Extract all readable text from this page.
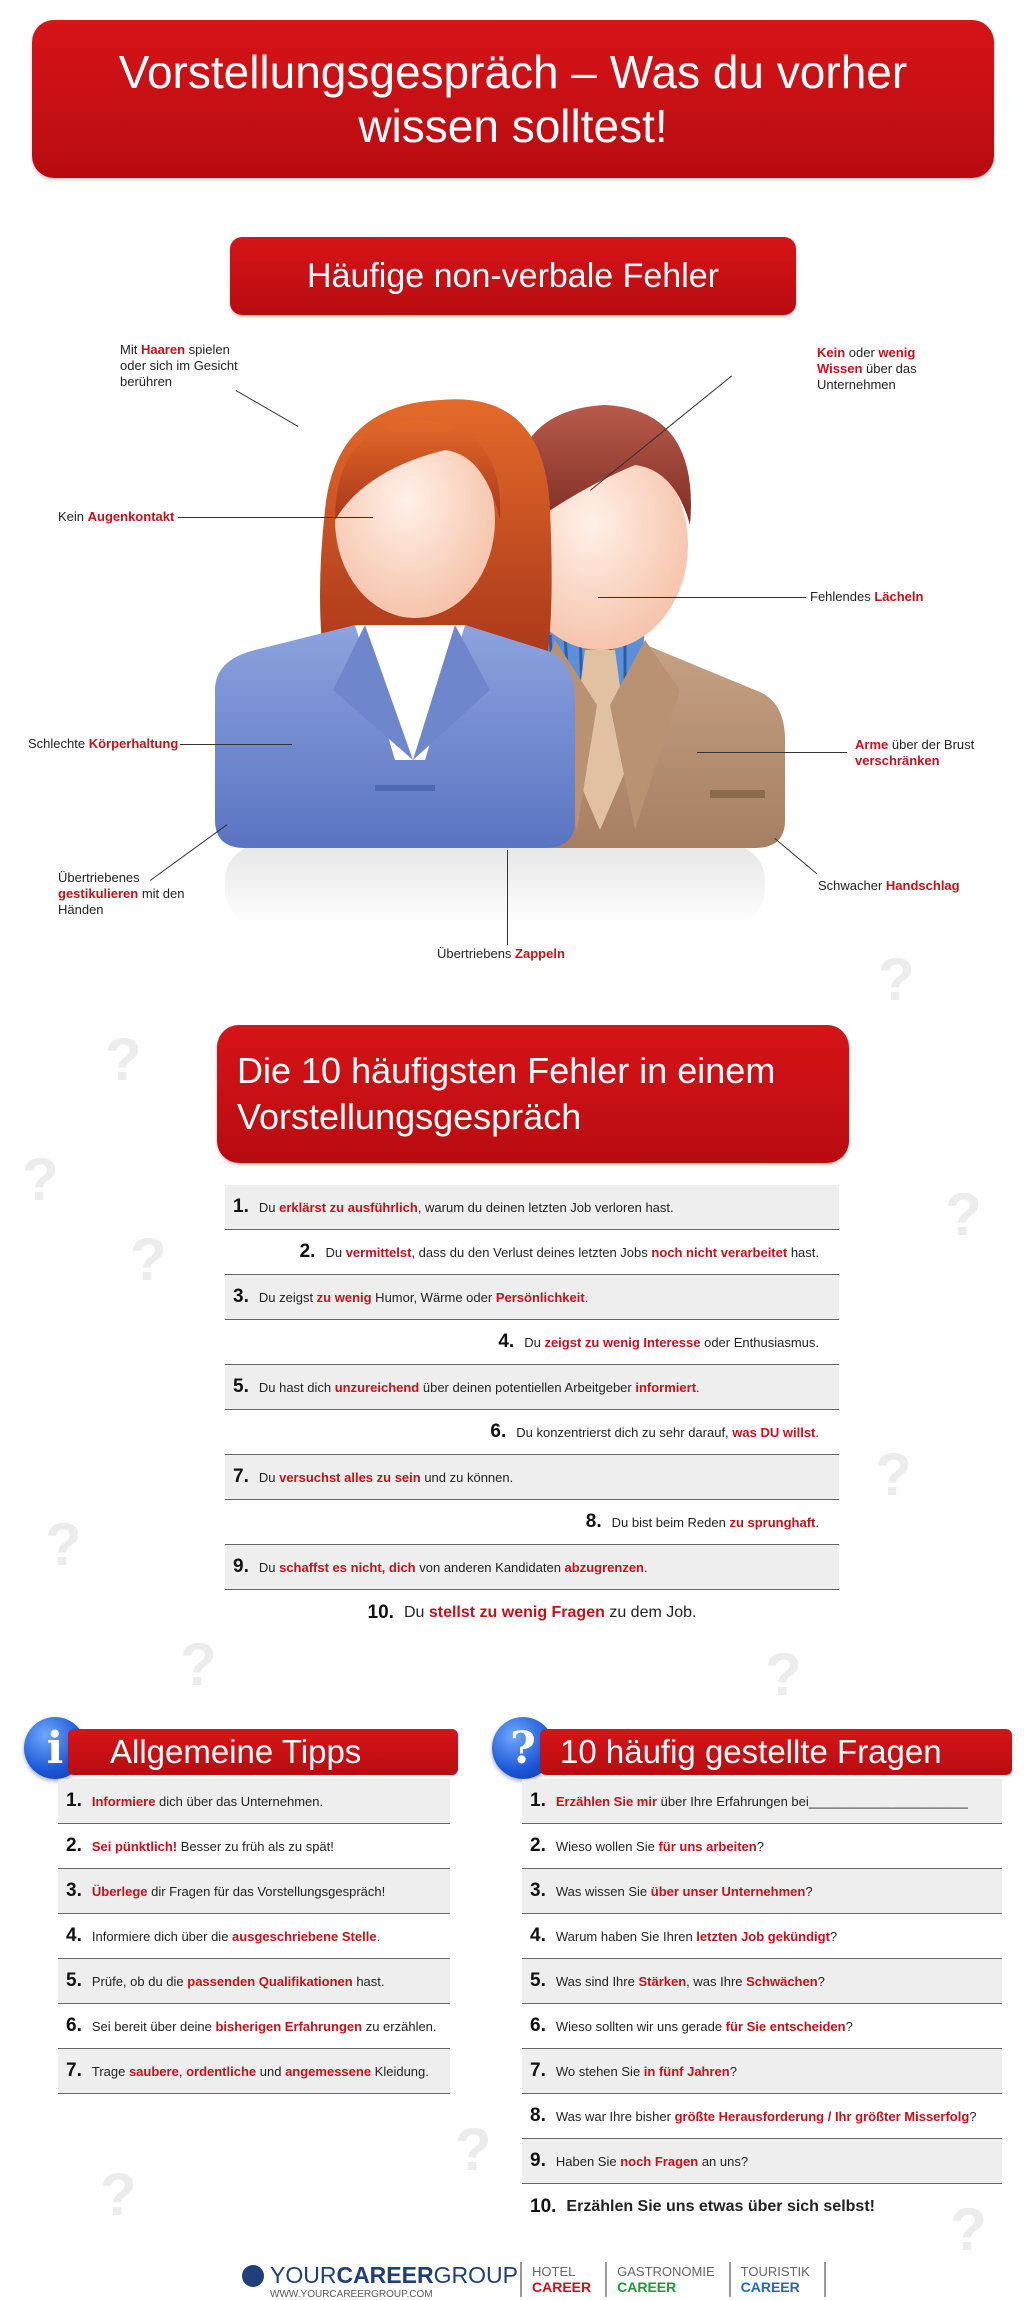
?
?
?
?
?
?
?
?	?
?
?
?
Vorstellungsgespräch – Was du vorher
wissen solltest!
Häufige non-verbale Fehler
Mit Haaren spielen oder sich im Gesicht berühren
Kein Augenkontakt
Schlechte Körperhaltung
Übertriebenes gestikulieren mit den Händen
Übertriebens Zappeln
Kein oder wenig
Wissen über das Unternehmen
Fehlendes Lächeln
Arme über der Brust verschränken
Schwacher Handschlag
Die 10 häufigsten Fehler in einem
Vorstellungsgespräch
1. Du erklärst zu ausführlich, warum du deinen letzten Job verloren hast.
2. Du vermittelst, dass du den Verlust deines letzten Jobs noch nicht verarbeitet hast.
3. Du zeigst zu wenig Humor, Wärme oder Persönlichkeit.
4. Du zeigst zu wenig Interesse oder Enthusiasmus.
5. Du hast dich unzureichend über deinen potentiellen Arbeitgeber informiert.
6. Du konzentrierst dich zu sehr darauf, was DU willst.
7. Du versuchst alles zu sein und zu können.
8. Du bist beim Reden zu sprunghaft.
9. Du schaffst es nicht, dich von anderen Kandidaten abzugrenzen.
10. Du stellst zu wenig Fragen zu dem Job.
i	Allgemeine Tipps
1. Informiere dich über das Unternehmen.
2. Sei pünktlich! Besser zu früh als zu spät!
3. Überlege dir Fragen für das Vorstellungsgespräch!
4. Informiere dich über die ausgeschriebene Stelle.
5. Prüfe, ob du die passenden Qualifikationen hast.
6. Sei bereit über deine bisherigen Erfahrungen zu erzählen.
7. Trage saubere, ordentliche und angemessene Kleidung.
? 10 häufig gestellte Fragen
1. Erzählen Sie mir über Ihre Erfahrungen bei______________________
2. Wieso wollen Sie für uns arbeiten?
3. Was wissen Sie über unser Unternehmen?
4. Warum haben Sie Ihren letzten Job gekündigt?
5. Was sind Ihre Stärken, was Ihre Schwächen?
6. Wieso sollten wir uns gerade für Sie entscheiden?
7. Wo stehen Sie in fünf Jahren?
8. Was war Ihre bisher größte Herausforderung / Ihr größter Misserfolg?
9. Haben Sie noch Fragen an uns?
10. Erzählen Sie uns etwas über sich selbst!
YOUR CAREER GROUP
WWW.YOURCAREERGROUP.COM
HOTEL
CAREER
GASTRONOMIE
CAREER
TOURISTIK
CAREER
